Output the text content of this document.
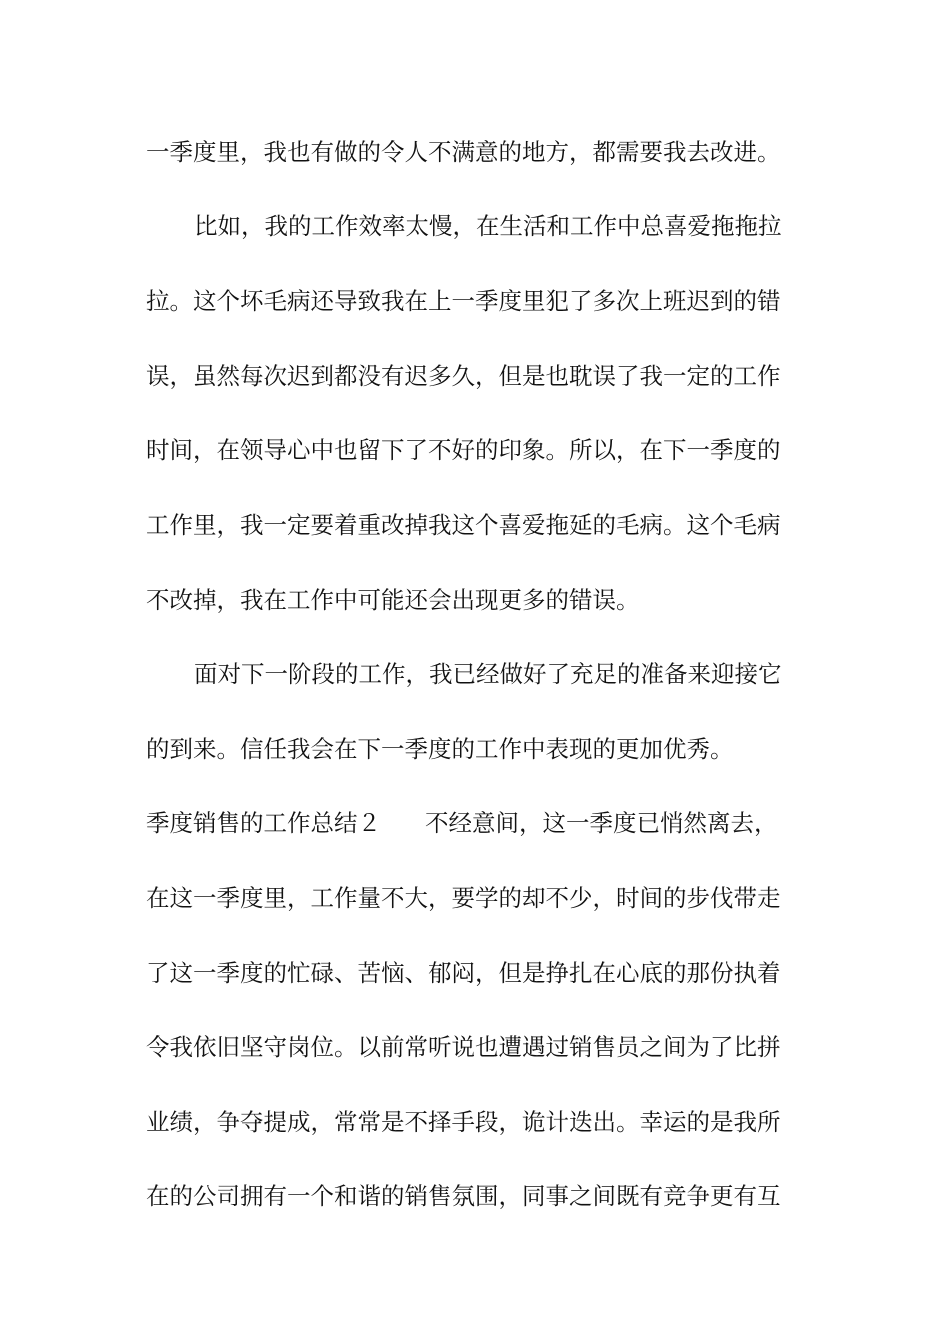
一季度里，我也有做的令人不满意的地方，都需要我去改进。
比如，我的工作效率太慢，在生活和工作中总喜爱拖拖拉
拉。这个坏毛病还导致我在上一季度里犯了多次上班迟到的错
误，虽然每次迟到都没有迟多久，但是也耽误了我一定的工作
时间，在领导心中也留下了不好的印象。所以，在下一季度的
工作里，我一定要着重改掉我这个喜爱拖延的毛病。这个毛病
不改掉，我在工作中可能还会出现更多的错误。
面对下一阶段的工作，我已经做好了充足的准备来迎接它
的到来。信任我会在下一季度的工作中表现的更加优秀。
季度销售的工作总结２ 不经意间，这一季度已悄然离去，
在这一季度里，工作量不大，要学的却不少，时间的步伐带走
了这一季度的忙碌、苦恼、郁闷，但是挣扎在心底的那份执着
令我依旧坚守岗位。以前常听说也遭遇过销售员之间为了比拼
业绩，争夺提成，常常是不择手段，诡计迭出。幸运的是我所
在的公司拥有一个和谐的销售氛围，同事之间既有竞争更有互
